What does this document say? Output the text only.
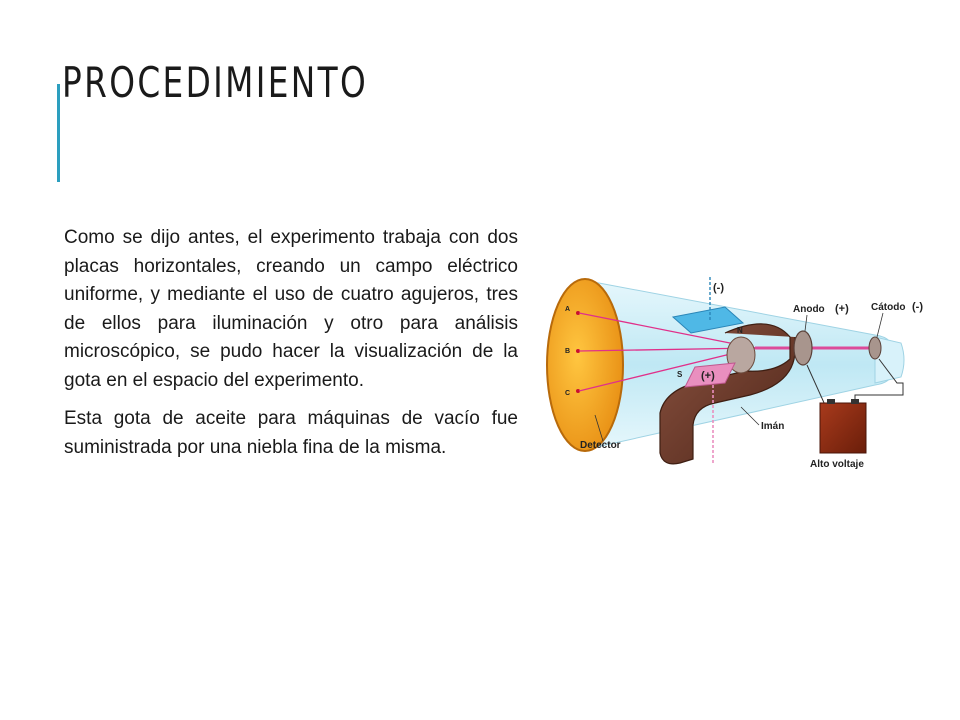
PROCEDIMIENTO

Como se dijo antes, el experimento trabaja con dos placas horizontales, creando un campo eléctrico uniforme, y mediante el uso de cuatro agujeros, tres de ellos para iluminación y otro para análisis microscópico, se pudo hacer la visualización de la gota en el espacio del experimento.

Esta gota de aceite para máquinas de vacío fue suministrada por una niebla fina de la misma.

A
B
C
(-)
N
S (+)
Anodo (+) Cátodo (-)
Alto voltaje
Detector
Imán
